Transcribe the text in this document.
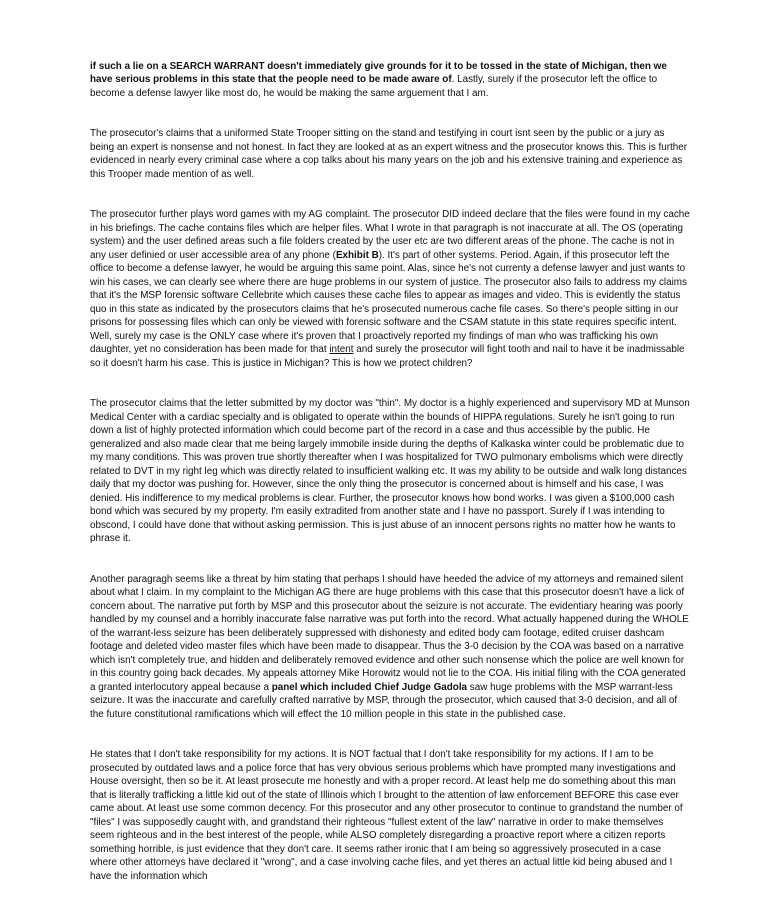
if such a lie on a SEARCH WARRANT doesn't immediately give grounds for it to be tossed in the state of Michigan, then we have serious problems in this state that the people need to be made aware of. Lastly, surely if the prosecutor left the office to become a defense lawyer like most do, he would be making the same arguement that I am.

The prosecutor's claims that a uniformed State Trooper sitting on the stand and testifying in court isnt seen by the public or a jury as being an expert is nonsense and not honest. In fact they are looked at as an expert witness and the prosecutor knows this. This is further evidenced in nearly every criminal case where a cop talks about his many years on the job and his extensive training and experience as this Trooper made mention of as well.

The prosecutor further plays word games with my AG complaint. The prosecutor DID indeed declare that the files were found in my cache in his briefings. The cache contains files which are helper files. What I wrote in that paragraph is not inaccurate at all. The OS (operating system) and the user defined areas such a file folders created by the user etc are two different areas of the phone. The cache is not in any user definied or user accessible area of any phone (Exhibit B). It's part of other systems. Period. Again, if this prosecutor left the office to become a defense lawyer, he would be arguing this same point. Alas, since he's not currenty a defense lawyer and just wants to win his cases, we can clearly see where there are huge problems in our system of justice. The prosecutor also fails to address my claims that it's the MSP forensic software Cellebrite which causes these cache files to appear as images and video. This is evidently the status quo in this state as indicated by the prosecutors claims that he's prosecuted numerous cache file cases. So there's people sitting in our prisons for possessing files which can only be viewed with forensic software and the CSAM statute in this state requires specific intent. Well, surely my case is the ONLY case where it's proven that I proactively reported my findings of man who was trafficking his own daughter, yet no consideration has been made for that intent and surely the prosecutor will fight tooth and nail to have it be inadmissable so it doesn't harm his case. This is justice in Michigan? This is how we protect children?

The prosecutor claims that the letter submitted by my doctor was "thin". My doctor is a highly experienced and supervisory MD at Munson Medical Center with a cardiac specialty and is obligated to operate within the bounds of HIPPA regulations. Surely he isn't going to run down a list of highly protected information which could become part of the record in a case and thus accessible by the public. He generalized and also made clear that me being largely immobile inside during the depths of Kalkaska winter could be problematic due to my many conditions. This was proven true shortly thereafter when I was hospitalized for TWO pulmonary embolisms which were directly related to DVT in my right leg which was directly related to insufficient walking etc. It was my ability to be outside and walk long distances daily that my doctor was pushing for. However, since the only thing the prosecutor is concerned about is himself and his case, I was denied. His indifference to my medical problems is clear. Further, the prosecutor knows how bond works. I was given a $100,000 cash bond which was secured by my property. I'm easily extradited from another state and I have no passport. Surely if I was intending to obscond, I could have done that without asking permission. This is just abuse of an innocent persons rights no matter how he wants to phrase it.

Another paragragh seems like a threat by him stating that perhaps I should have heeded the advice of my attorneys and remained silent about what I claim. In my complaint to the Michigan AG there are huge problems with this case that this prosecutor doesn't have a lick of concern about. The narrative put forth by MSP and this prosecutor about the seizure is not accurate. The evidentiary hearing was poorly handled by my counsel and a horribly inaccurate false narrative was put forth into the record. What actually happened during the WHOLE of the warrant-less seizure has been deliberately suppressed with dishonesty and edited body cam footage, edited cruiser dashcam footage and deleted video master files which have been made to disappear. Thus the 3-0 decision by the COA was based on a narrative which isn't completely true, and hidden and deliberately removed evidence and other such nonsense which the police are well known for in this country going back decades. My appeals attorney Mike Horowitz would not lie to the COA. His initial filing with the COA generated a granted interlocutory appeal because a panel which included Chief Judge Gadola saw huge problems with the MSP warrant-less seizure. It was the inaccurate and carefully crafted narrative by MSP, through the prosecutor, which caused that 3-0 decision, and all of the future constitutional ramifications which will effect the 10 million people in this state in the published case.

He states that I don't take responsibility for my actions. It is NOT factual that I don't take responsibility for my actions. If I am to be prosecuted by outdated laws and a police force that has very obvious serious problems which have prompted many investigations and House oversight, then so be it. At least prosecute me honestly and with a proper record. At least help me do something about this man that is literally trafficking a little kid out of the state of Illinois which I brought to the attention of law enforcement BEFORE this case ever came about. At least use some common decency. For this prosecutor and any other prosecutor to continue to grandstand the number of "files" I was supposedly caught with, and grandstand their righteous "fullest extent of the law" narrative in order to make themselves seem righteous and in the best interest of the people, while ALSO completely disregarding a proactive report where a citizen reports something horrible, is just evidence that they don't care. It seems rather ironic that I am being so aggressively prosecuted in a case where other attorneys have declared it "wrong", and a case involving cache files, and yet theres an actual little kid being abused and I have the information which
